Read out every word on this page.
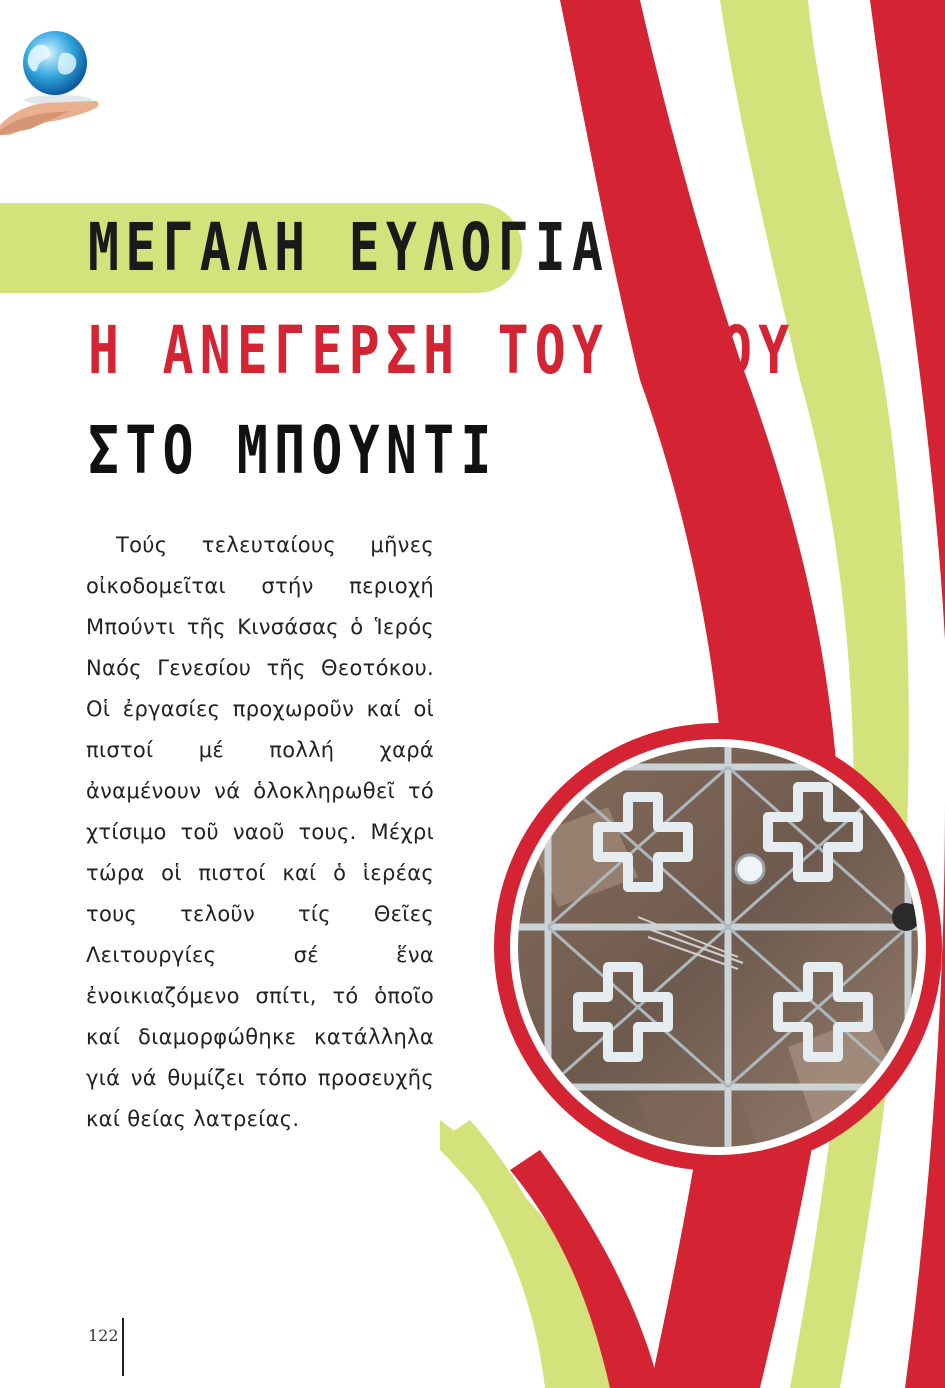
ΜΕΓΑΛΗ ΕΥΛΟΓΙΑ
Η ΑΝΕΓΕΡΣΗ ΤΟΥ ΝΑΟΥ
ΣΤΟ ΜΠΟΥΝΤΙ

Τούς τελευταίους μῆνες οἰκοδομεῖται στήν περιοχή Μπούντι τῆς Κινσάσας ὁ Ἱερός Ναός Γενεσίου τῆς Θεοτόκου. Οἱ ἐργασίες προχωροῦν καί οἱ πιστοί μέ πολλή χαρά ἀναμένουν νά ὁλοκληρωθεῖ τό χτίσιμο τοῦ ναοῦ τους. Μέχρι τώρα οἱ πιστοί καί ὁ ἱερέας τους τελοῦν τίς Θεῖες Λειτουργίες σέ ἕνα ἐνοικιαζόμενο σπίτι, τό ὁποῖο καί διαμορφώθηκε κατάλληλα γιά νά θυμίζει τόπο προσευχῆς καί θείας λατρείας.

122
